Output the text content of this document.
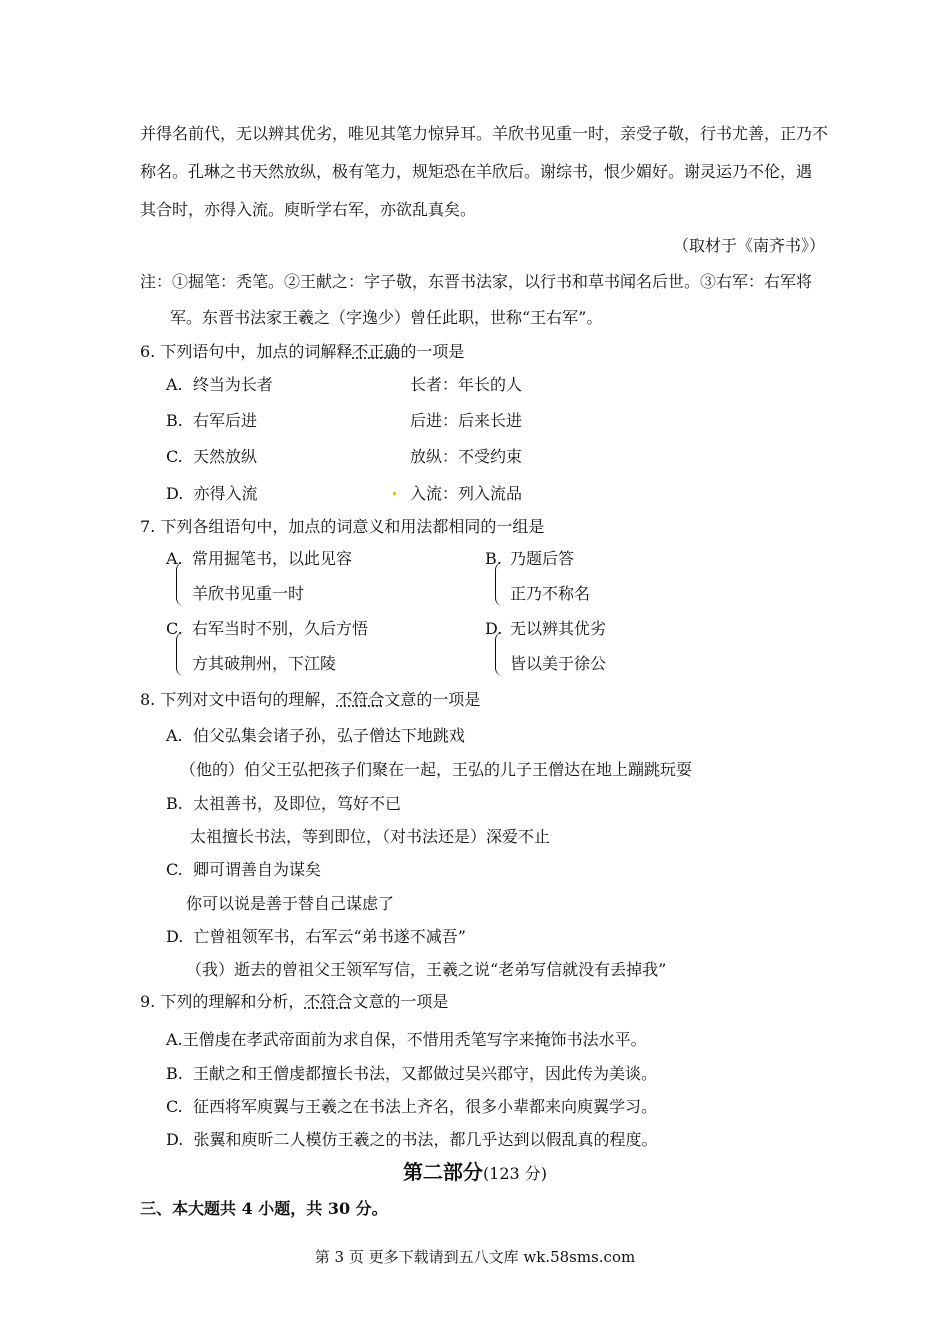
并得名前代，无以辨其优劣，唯见其笔力惊异耳。羊欣书见重一时，亲受子敬，行书尤善，正乃不
称名。孔琳之书天然放纵，极有笔力，规矩恐在羊欣后。谢综书，恨少媚好。谢灵运乃不伦，遇
其合时，亦得入流。庾昕学右军，亦欲乱真矣。
（取材于《南齐书》）
注：①掘笔：秃笔。②王献之：字子敬，东晋书法家，以行书和草书闻名后世。③右军：右军将
军。东晋书法家王羲之（字逸少）曾任此职，世称“王右军”。
6. 下列语句中，加点的词解释不正确的一项是
A. 终当为长者	长者：年长的人
B. 右军后进	后进：后来长进
C. 天然放纵	放纵：不受约束
D. 亦得入流	入流：列入流品
7. 下列各组语句中，加点的词意义和用法都相同的一组是
A. 常用掘笔书，以此见容
羊欣书见重一时
B. 乃题后答
正乃不称名
C. 右军当时不别，久后方悟
方其破荆州，下江陵
D. 无以辨其优劣
皆以美于徐公
8. 下列对文中语句的理解，不符合文意的一项是
A. 伯父弘集会诸子孙，弘子僧达下地跳戏
（他的）伯父王弘把孩子们聚在一起，王弘的儿子王僧达在地上蹦跳玩耍
B. 太祖善书，及即位，笃好不已
太祖擅长书法，等到即位，（对书法还是）深爱不止
C. 卿可谓善自为谋矣
你可以说是善于替自己谋虑了
D. 亡曾祖领军书，右军云“弟书遂不减吾”
（我）逝去的曾祖父王领军写信，王羲之说“老弟写信就没有丢掉我”
9. 下列的理解和分析，不符合文意的一项是
A.王僧虔在孝武帝面前为求自保，不惜用秃笔写字来掩饰书法水平。
B. 王献之和王僧虔都擅长书法，又都做过吴兴郡守，因此传为美谈。
C. 征西将军庾翼与王羲之在书法上齐名，很多小辈都来向庾翼学习。
D. 张翼和庾昕二人模仿王羲之的书法，都几乎达到以假乱真的程度。
第二部分(123 分)
三、本大题共 4 小题，共 30 分。
第 3 页 更多下载请到五八文库 wk.58sms.com
